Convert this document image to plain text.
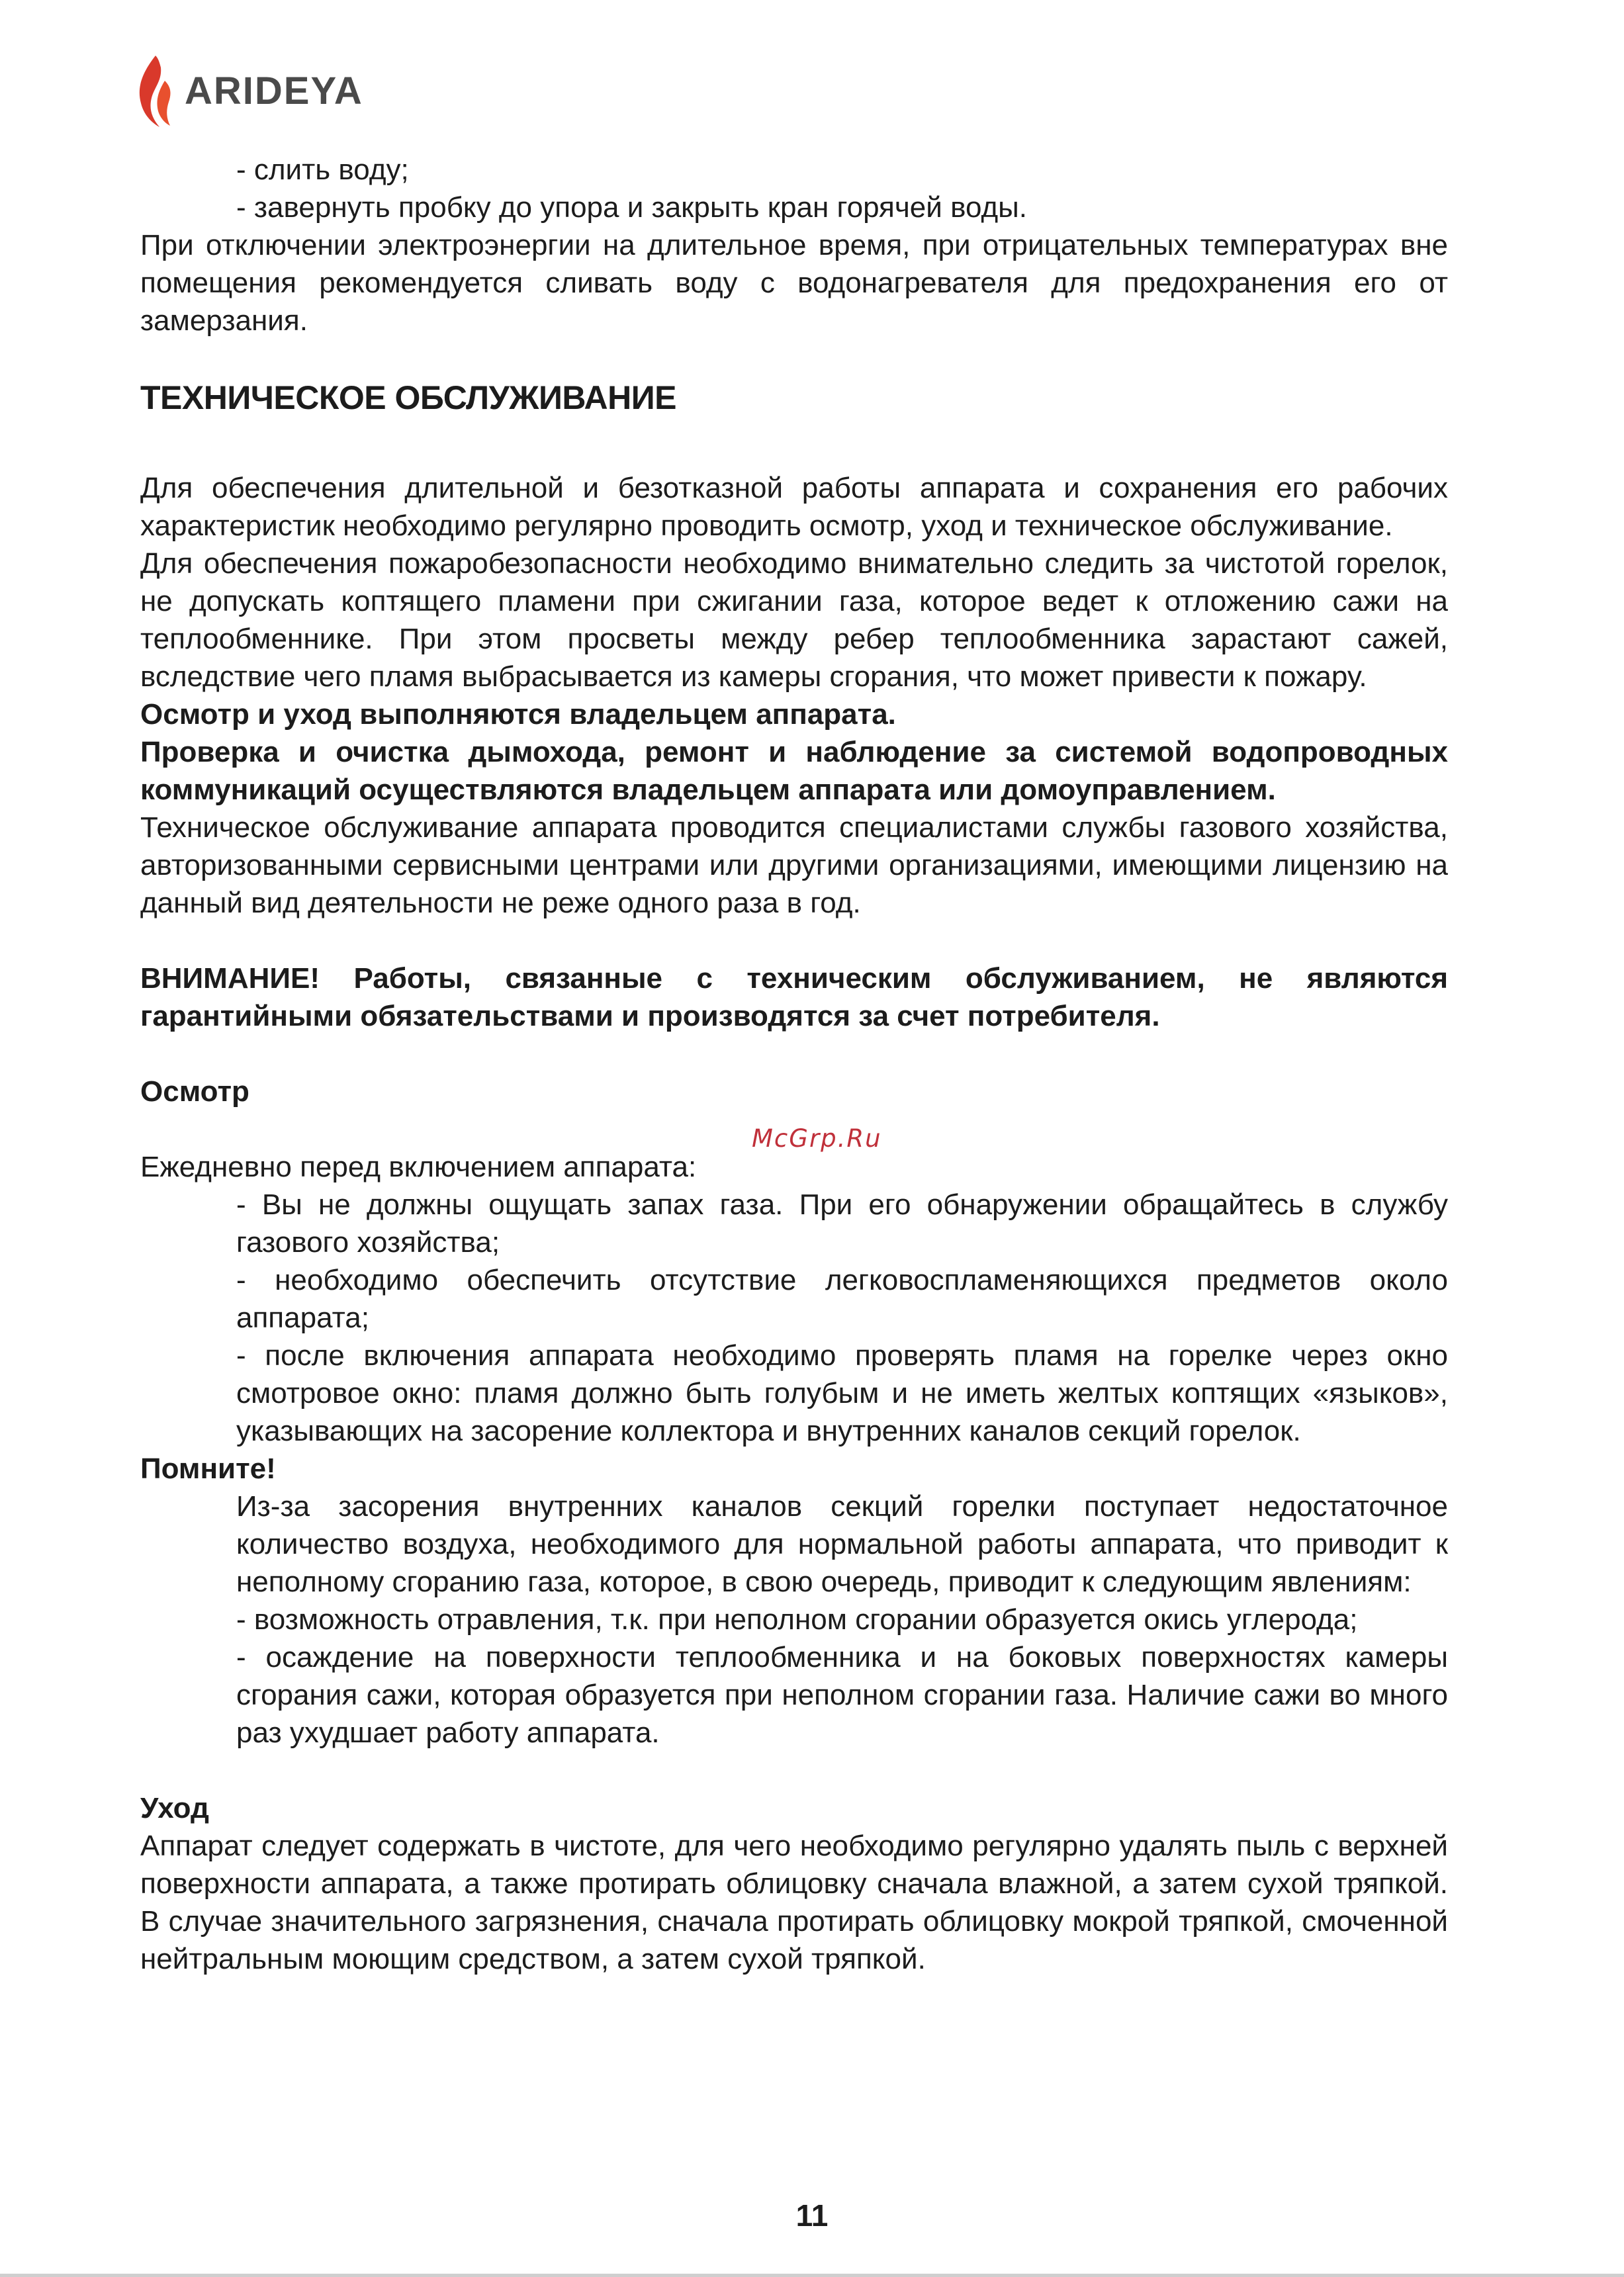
ARIDEYA

- слить воду;

- завернуть пробку до упора и закрыть кран горячей воды.

При отключении электроэнергии на длительное время, при отрицательных температурах вне помещения рекомендуется сливать воду с водонагревателя для предохранения его от замерзания.

ТЕХНИЧЕСКОЕ ОБСЛУЖИВАНИЕ

Для обеспечения длительной и безотказной работы аппарата и сохранения его рабочих характеристик необходимо регулярно проводить осмотр, уход и техническое обслуживание.

Для обеспечения пожаробезопасности необходимо внимательно следить за чистотой горелок, не допускать коптящего пламени при сжигании газа, которое ведет к отложению сажи на теплообменнике. При этом просветы между ребер теплообменника зарастают сажей, вследствие чего пламя выбрасывается из камеры сгорания, что может привести к пожару.

Осмотр и уход выполняются владельцем аппарата.

Проверка и очистка дымохода, ремонт и наблюдение за системой водопроводных коммуникаций осуществляются владельцем аппарата или домоуправлением.

Техническое обслуживание аппарата проводится специалистами службы газового хозяйства, авторизованными сервисными центрами или другими организациями, имеющими лицензию на данный вид деятельности не реже одного раза в год.

ВНИМАНИЕ! Работы, связанные с техническим обслуживанием, не являются гарантийными обязательствами и производятся за счет потребителя.

Осмотр

Ежедневно перед включением аппарата:

- Вы не должны ощущать запах газа. При его обнаружении обращайтесь в службу газового хозяйства;

- необходимо обеспечить отсутствие легковоспламеняющихся предметов около аппарата;

- после включения аппарата необходимо проверять пламя на горелке через окно смотровое окно: пламя должно быть голубым и не иметь желтых коптящих «языков», указывающих на засорение коллектора и внутренних каналов секций горелок.

Помните!

Из-за засорения внутренних каналов секций горелки поступает недостаточное количество воздуха, необходимого для нормальной работы аппарата, что приводит к неполному сгоранию газа, которое, в свою очередь, приводит к следующим явлениям:

- возможность отравления, т.к. при неполном сгорании образуется окись углерода;

- осаждение на поверхности теплообменника и на боковых поверхностях камеры сгорания сажи, которая образуется при неполном сгорании газа. Наличие сажи во много раз ухудшает работу аппарата.

Уход

Аппарат следует содержать в чистоте, для чего необходимо регулярно удалять пыль с верхней поверхности аппарата, а также протирать облицовку сначала влажной, а затем сухой тряпкой. В случае значительного загрязнения, сначала протирать облицовку мокрой тряпкой, смоченной нейтральным моющим средством, а затем сухой тряпкой.

McGrp.Ru
11
